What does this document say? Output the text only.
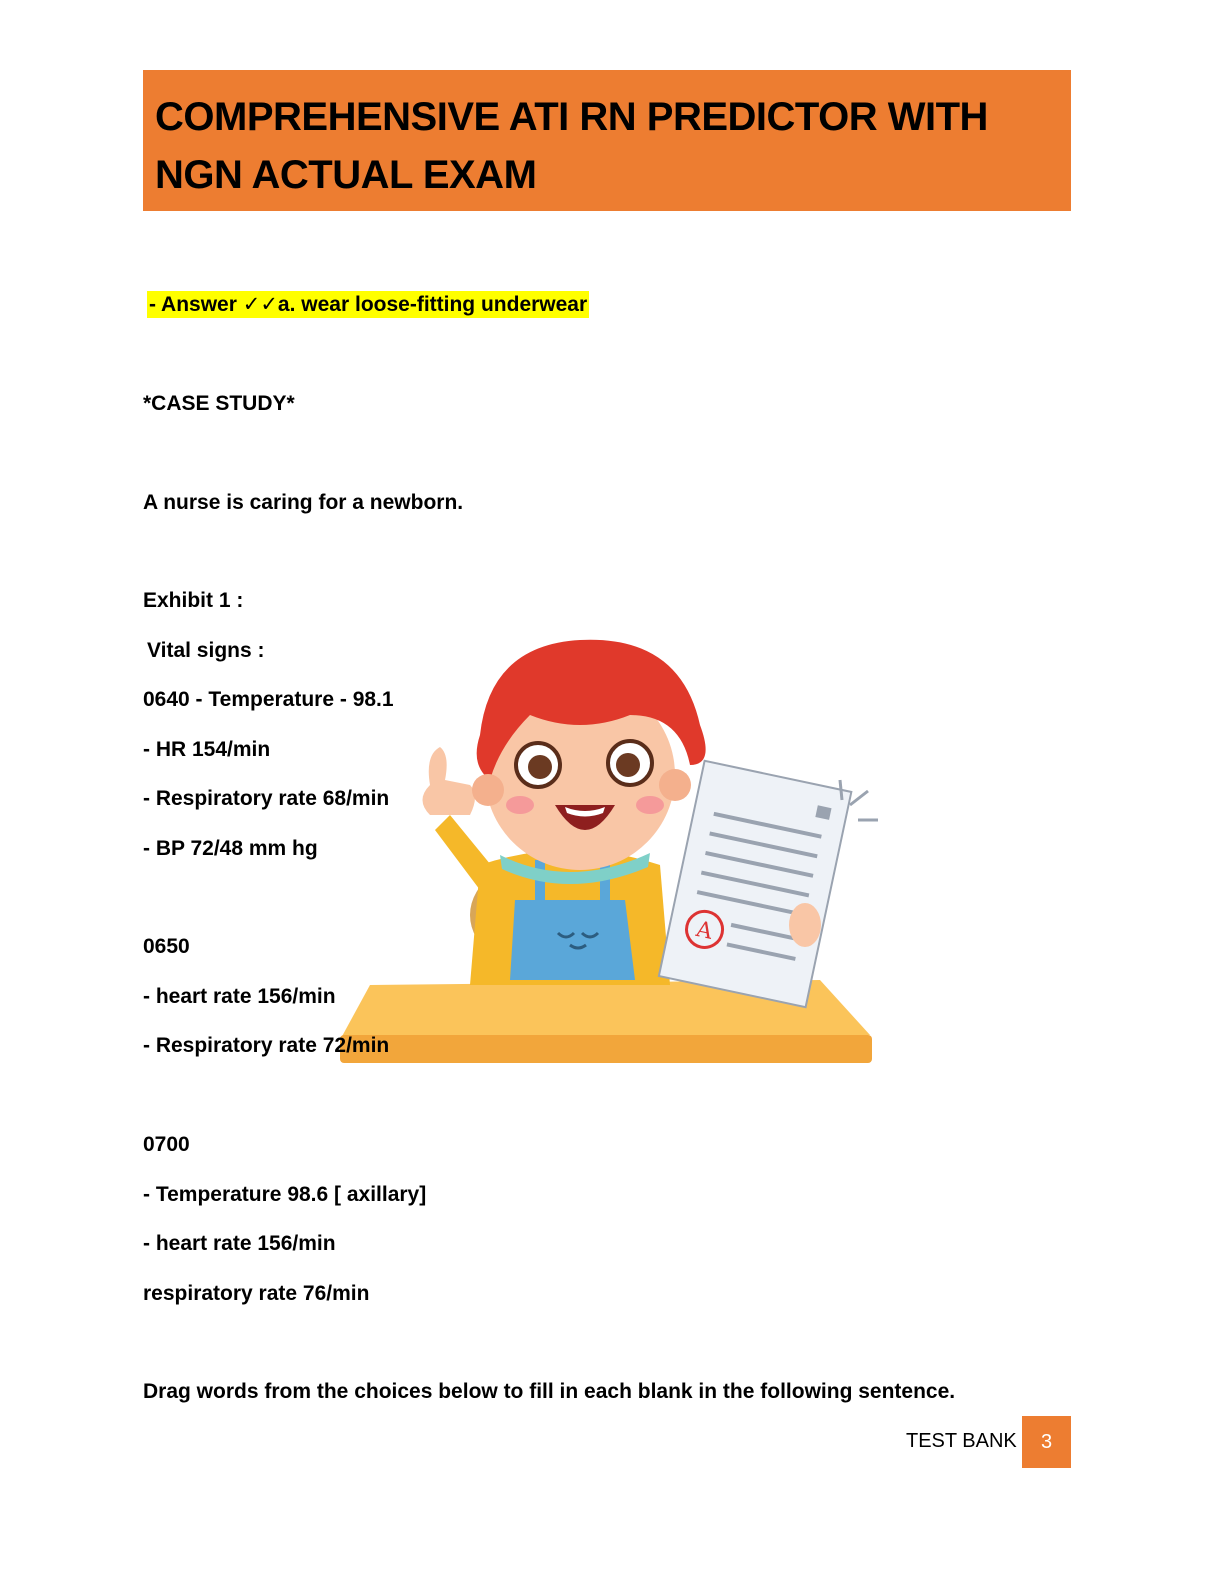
COMPREHENSIVE ATI RN PREDICTOR WITH NGN ACTUAL EXAM
- Answer ✓✓a. wear loose-fitting underwear
*CASE STUDY*
A nurse is caring for a newborn.
Exhibit 1 :
A
Vital signs :
0640 - Temperature - 98.1
- HR 154/min
- Respiratory rate 68/min
- BP 72/48 mm hg
0650
- heart rate 156/min
- Respiratory rate 72/min
0700
- Temperature 98.6 [ axillary]
- heart rate 156/min
respiratory rate 76/min
Drag words from the choices below to fill in each blank in the following sentence.
TEST BANK	3
